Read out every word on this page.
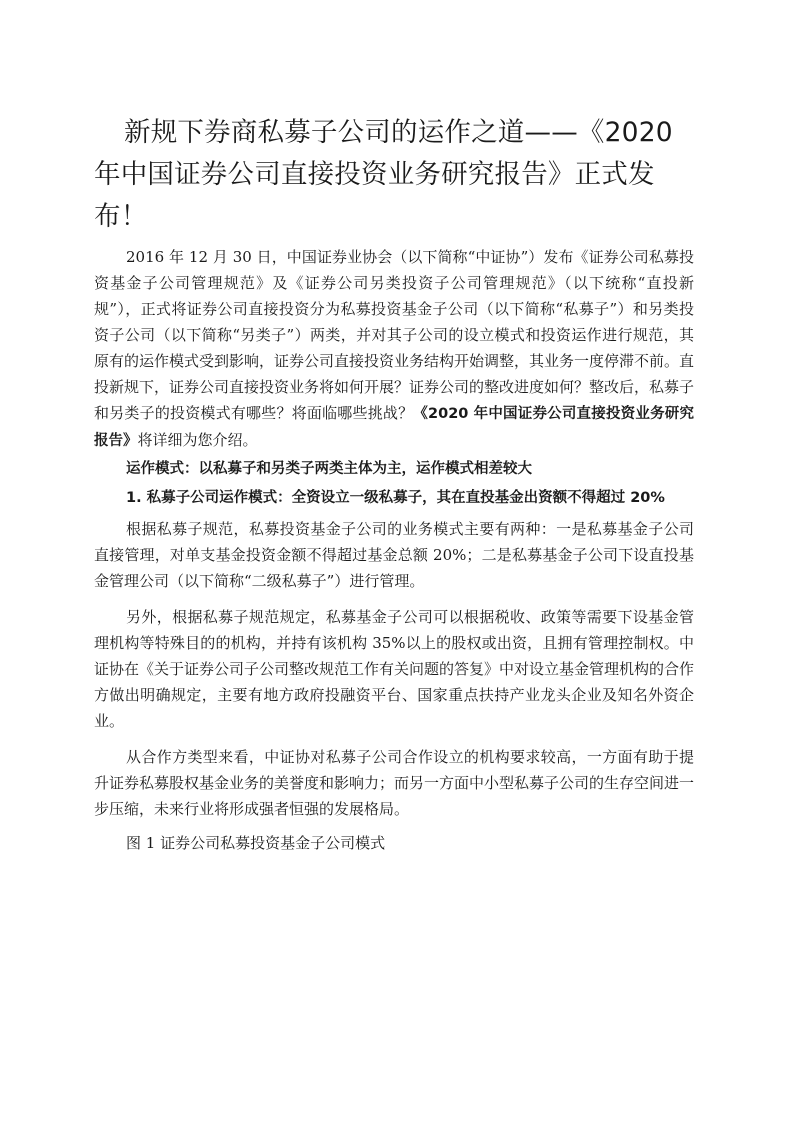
新规下券商私募子公司的运作之道——《2020年中国证券公司直接投资业务研究报告》正式发布！

2016 年 12 月 30 日，中国证券业协会（以下简称“中证协”）发布《证券公司私募投资基金子公司管理规范》及《证券公司另类投资子公司管理规范》（以下统称“直投新规”），正式将证券公司直接投资分为私募投资基金子公司（以下简称“私募子”）和另类投资子公司（以下简称“另类子”）两类，并对其子公司的设立模式和投资运作进行规范，其原有的运作模式受到影响，证券公司直接投资业务结构开始调整，其业务一度停滞不前。直投新规下，证券公司直接投资业务将如何开展？证券公司的整改进度如何？整改后，私募子和另类子的投资模式有哪些？将面临哪些挑战？《2020 年中国证券公司直接投资业务研究报告》将详细为您介绍。

运作模式：以私募子和另类子两类主体为主，运作模式相差较大

1. 私募子公司运作模式：全资设立一级私募子，其在直投基金出资额不得超过 20%

根据私募子规范，私募投资基金子公司的业务模式主要有两种：一是私募基金子公司直接管理，对单支基金投资金额不得超过基金总额 20%；二是私募基金子公司下设直投基金管理公司（以下简称“二级私募子”）进行管理。

另外，根据私募子规范规定，私募基金子公司可以根据税收、政策等需要下设基金管理机构等特殊目的的机构，并持有该机构 35%以上的股权或出资，且拥有管理控制权。中证协在《关于证券公司子公司整改规范工作有关问题的答复》中对设立基金管理机构的合作方做出明确规定，主要有地方政府投融资平台、国家重点扶持产业龙头企业及知名外资企业。

从合作方类型来看，中证协对私募子公司合作设立的机构要求较高，一方面有助于提升证券私募股权基金业务的美誉度和影响力；而另一方面中小型私募子公司的生存空间进一步压缩，未来行业将形成强者恒强的发展格局。

图 1 证券公司私募投资基金子公司模式
